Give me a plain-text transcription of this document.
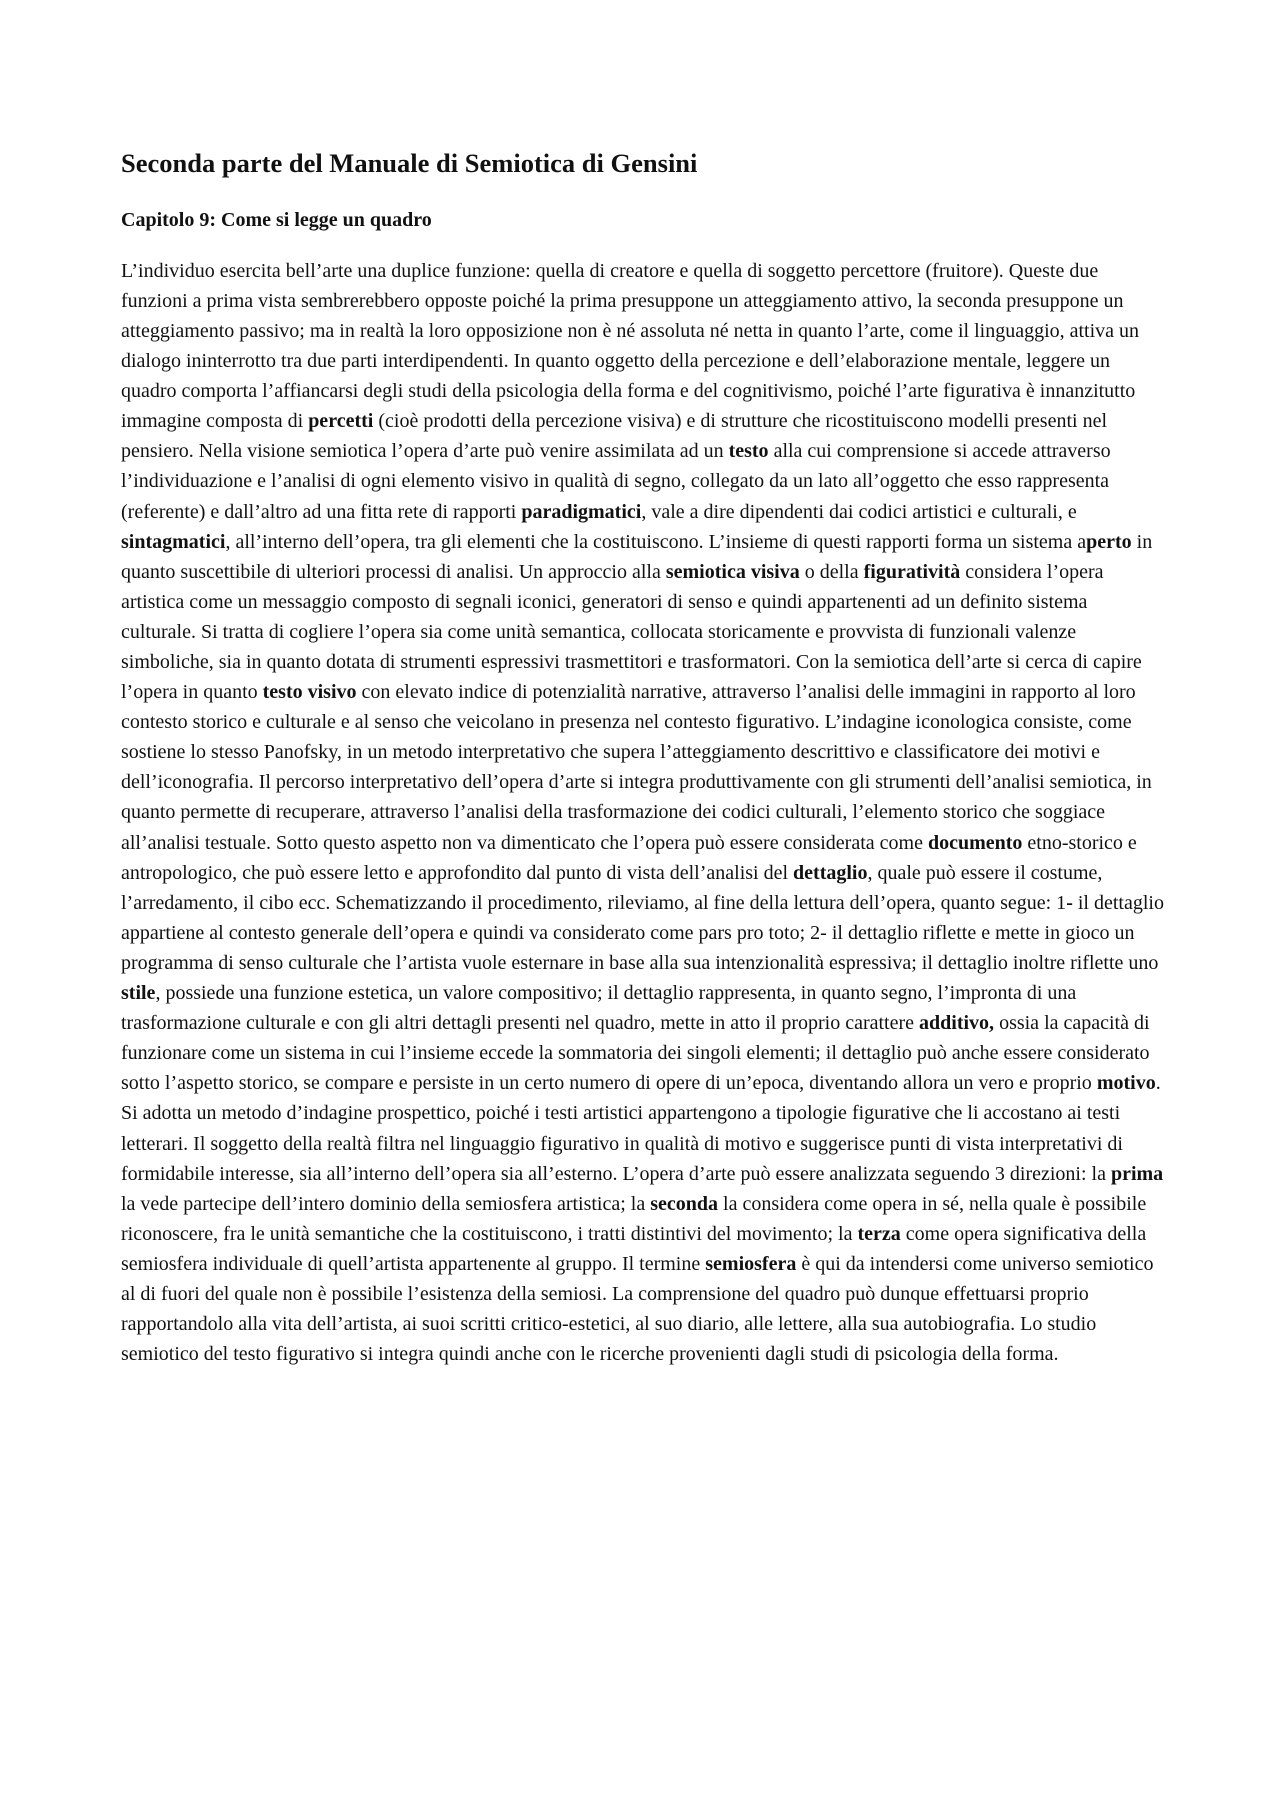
Seconda parte del Manuale di Semiotica di Gensini
Capitolo 9: Come si legge un quadro

L’individuo esercita bell’arte una duplice funzione: quella di creatore e quella di soggetto percettore (fruitore). Queste due funzioni a prima vista sembrerebbero opposte poiché la prima presuppone un atteggiamento attivo, la seconda presuppone un atteggiamento passivo; ma in realtà la loro opposizione non è né assoluta né netta in quanto l’arte, come il linguaggio, attiva un dialogo ininterrotto tra due parti interdipendenti. In quanto oggetto della percezione e dell’elaborazione mentale, leggere un quadro comporta l’affiancarsi degli studi della psicologia della forma e del cognitivismo, poiché l’arte figurativa è innanzitutto immagine composta di percetti (cioè prodotti della percezione visiva) e di strutture che ricostituiscono modelli presenti nel pensiero. Nella visione semiotica l’opera d’arte può venire assimilata ad un testo alla cui comprensione si accede attraverso l’individuazione e l’analisi di ogni elemento visivo in qualità di segno, collegato da un lato all’oggetto che esso rappresenta (referente) e dall’altro ad una fitta rete di rapporti paradigmatici, vale a dire dipendenti dai codici artistici e culturali, e sintagmatici, all’interno dell’opera, tra gli elementi che la costituiscono. L’insieme di questi rapporti forma un sistema aperto in quanto suscettibile di ulteriori processi di analisi. Un approccio alla semiotica visiva o della figuratività considera l’opera artistica come un messaggio composto di segnali iconici, generatori di senso e quindi appartenenti ad un definito sistema culturale. Si tratta di cogliere l’opera sia come unità semantica, collocata storicamente e provvista di funzionali valenze simboliche, sia in quanto dotata di strumenti espressivi trasmettitori e trasformatori. Con la semiotica dell’arte si cerca di capire l’opera in quanto testo visivo con elevato indice di potenzialità narrative, attraverso l’analisi delle immagini in rapporto al loro contesto storico e culturale e al senso che veicolano in presenza nel contesto figurativo. L’indagine iconologica consiste, come sostiene lo stesso Panofsky, in un metodo interpretativo che supera l’atteggiamento descrittivo e classificatore dei motivi e dell’iconografia. Il percorso interpretativo dell’opera d’arte si integra produttivamente con gli strumenti dell’analisi semiotica, in quanto permette di recuperare, attraverso l’analisi della trasformazione dei codici culturali, l’elemento storico che soggiace all’analisi testuale. Sotto questo aspetto non va dimenticato che l’opera può essere considerata come documento etno-storico e antropologico, che può essere letto e approfondito dal punto di vista dell’analisi del dettaglio, quale può essere il costume, l’arredamento, il cibo ecc. Schematizzando il procedimento, rileviamo, al fine della lettura dell’opera, quanto segue: 1- il dettaglio appartiene al contesto generale dell’opera e quindi va considerato come pars pro toto; 2- il dettaglio riflette e mette in gioco un programma di senso culturale che l’artista vuole esternare in base alla sua intenzionalità espressiva; il dettaglio inoltre riflette uno stile, possiede una funzione estetica, un valore compositivo; il dettaglio rappresenta, in quanto segno, l’impronta di una trasformazione culturale e con gli altri dettagli presenti nel quadro, mette in atto il proprio carattere additivo, ossia la capacità di funzionare come un sistema in cui l’insieme eccede la sommatoria dei singoli elementi; il dettaglio può anche essere considerato sotto l’aspetto storico, se compare e persiste in un certo numero di opere di un’epoca, diventando allora un vero e proprio motivo. Si adotta un metodo d’indagine prospettico, poiché i testi artistici appartengono a tipologie figurative che li accostano ai testi letterari. Il soggetto della realtà filtra nel linguaggio figurativo in qualità di motivo e suggerisce punti di vista interpretativi di formidabile interesse, sia all’interno dell’opera sia all’esterno. L’opera d’arte può essere analizzata seguendo 3 direzioni: la prima la vede partecipe dell’intero dominio della semiosfera artistica; la seconda la considera come opera in sé, nella quale è possibile riconoscere, fra le unità semantiche che la costituiscono, i tratti distintivi del movimento; la terza come opera significativa della semiosfera individuale di quell’artista appartenente al gruppo. Il termine semiosfera è qui da intendersi come universo semiotico al di fuori del quale non è possibile l’esistenza della semiosi. La comprensione del quadro può dunque effettuarsi proprio rapportandolo alla vita dell’artista, ai suoi scritti critico-estetici, al suo diario, alle lettere, alla sua autobiografia. Lo studio semiotico del testo figurativo si integra quindi anche con le ricerche provenienti dagli studi di psicologia della forma.
